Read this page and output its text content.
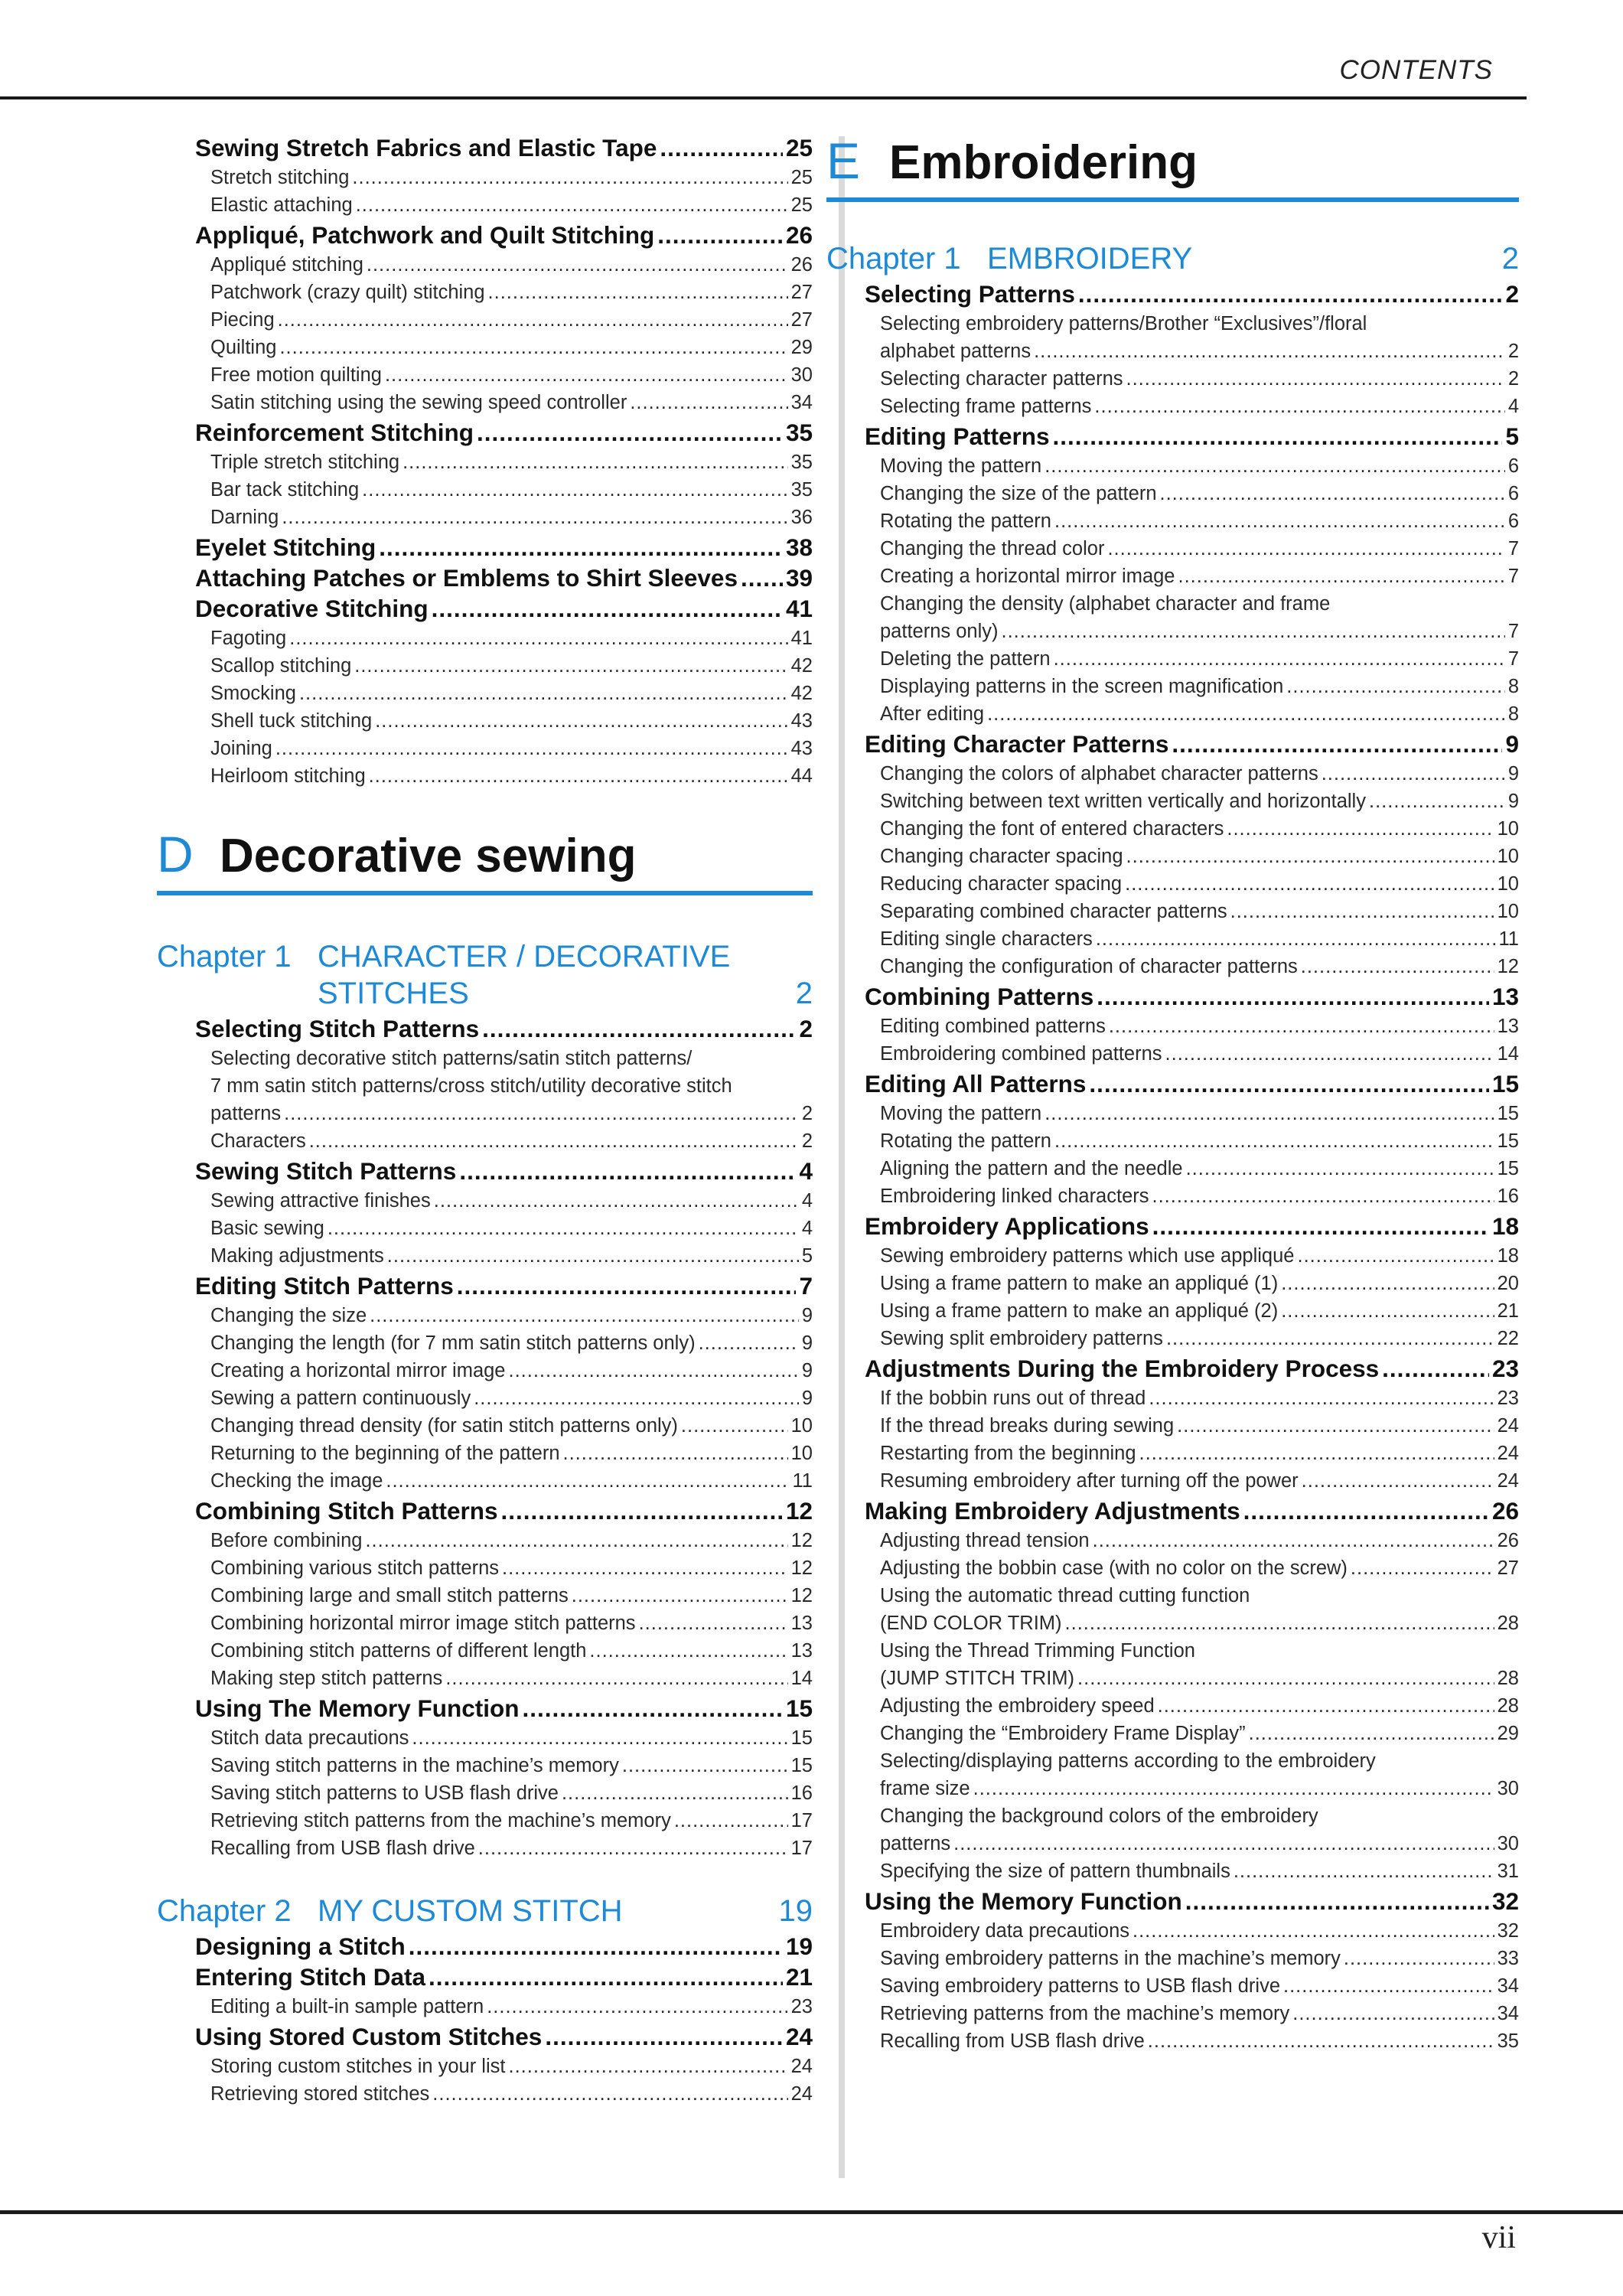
CONTENTS
Sewing Stretch Fabrics and Elastic Tape .....	25
Stretch stitching .....	25
Elastic attaching .....	25
Appliqué, Patchwork and Quilt Stitching .....	26
Appliqué stitching .....	26
Patchwork (crazy quilt) stitching .....	27
Piecing .....	27
Quilting .....	29
Free motion quilting .....	30
Satin stitching using the sewing speed controller .....	34
Reinforcement Stitching .....	35
Triple stretch stitching .....	35
Bar tack stitching .....	35
Darning .....	36
Eyelet Stitching .....	38
Attaching Patches or Emblems to Shirt Sleeves ..... 39
Decorative Stitching .....	41
Fagoting .....	41
Scallop stitching .....	42
Smocking .....	42
Shell tuck stitching .....	43
Joining .....	43
Heirloom stitching .....	44
D Decorative sewing
Chapter 1 CHARACTER / DECORATIVE
STITCHES	2
Selecting Stitch Patterns .....	2
Selecting decorative stitch patterns/satin stitch patterns/
7 mm satin stitch patterns/cross stitch/utility decorative stitch
patterns .....	2
Characters .....	2
Sewing Stitch Patterns .....	4
Sewing attractive finishes .....	4
Basic sewing .....	4
Making adjustments .....	5
Editing Stitch Patterns .....	7
Changing the size .....	9
Changing the length (for 7 mm satin stitch patterns only) .....	9
Creating a horizontal mirror image .....	9
Sewing a pattern continuously .....	9
Changing thread density (for satin stitch patterns only) .....	10
Returning to the beginning of the pattern .....	10
Checking the image .....	11
Combining Stitch Patterns .....	12
Before combining .....	12
Combining various stitch patterns .....	12
Combining large and small stitch patterns .....	12
Combining horizontal mirror image stitch patterns .....	13
Combining stitch patterns of different length .....	13
Making step stitch patterns .....	14
Using The Memory Function .....	15
Stitch data precautions .....	15
Saving stitch patterns in the machine’s memory .....	15
Saving stitch patterns to USB flash drive .....	16
Retrieving stitch patterns from the machine’s memory .....	17
Recalling from USB flash drive .....	17
Chapter 2 MY CUSTOM STITCH	19
Designing a Stitch .....	19
Entering Stitch Data .....	21
Editing a built-in sample pattern .....	23
Using Stored Custom Stitches .....	24
Storing custom stitches in your list .....	24
Retrieving stored stitches .....	24
E Embroidering
Chapter 1 EMBROIDERY	2
Selecting Patterns .....	2
Selecting embroidery patterns/Brother “Exclusives”/floral
alphabet patterns .....	2
Selecting character patterns .....	2
Selecting frame patterns .....	4
Editing Patterns .....	5
Moving the pattern .....	6
Changing the size of the pattern .....	6
Rotating the pattern .....	6
Changing the thread color .....	7
Creating a horizontal mirror image .....	7
Changing the density (alphabet character and frame
patterns only) .....	7
Deleting the pattern .....	7
Displaying patterns in the screen magnification .....	8
After editing .....	8
Editing Character Patterns .....	9
Changing the colors of alphabet character patterns .....	9
Switching between text written vertically and horizontally .....	9
Changing the font of entered characters .....	10
Changing character spacing .....	10
Reducing character spacing .....	10
Separating combined character patterns .....	10
Editing single characters .....	11
Changing the configuration of character patterns .....	12
Combining Patterns .....	13
Editing combined patterns .....	13
Embroidering combined patterns .....	14
Editing All Patterns .....	15
Moving the pattern .....	15
Rotating the pattern .....	15
Aligning the pattern and the needle .....	15
Embroidering linked characters .....	16
Embroidery Applications .....	18
Sewing embroidery patterns which use appliqué .....	18
Using a frame pattern to make an appliqué (1) .....	20
Using a frame pattern to make an appliqué (2) .....	21
Sewing split embroidery patterns .....	22
Adjustments During the Embroidery Process .....	23
If the bobbin runs out of thread .....	23
If the thread breaks during sewing .....	24
Restarting from the beginning .....	24
Resuming embroidery after turning off the power .....	24
Making Embroidery Adjustments .....	26
Adjusting thread tension .....	26
Adjusting the bobbin case (with no color on the screw) .....	27
Using the automatic thread cutting function
(END COLOR TRIM) .....	28
Using the Thread Trimming Function
(JUMP STITCH TRIM) .....	28
Adjusting the embroidery speed .....	28
Changing the “Embroidery Frame Display” .....	29
Selecting/displaying patterns according to the embroidery
frame size .....	30
Changing the background colors of the embroidery
patterns .....	30
Specifying the size of pattern thumbnails .....	31
Using the Memory Function .....	32
Embroidery data precautions .....	32
Saving embroidery patterns in the machine’s memory .....	33
Saving embroidery patterns to USB flash drive .....	34
Retrieving patterns from the machine’s memory .....	34
Recalling from USB flash drive .....	35
vii
